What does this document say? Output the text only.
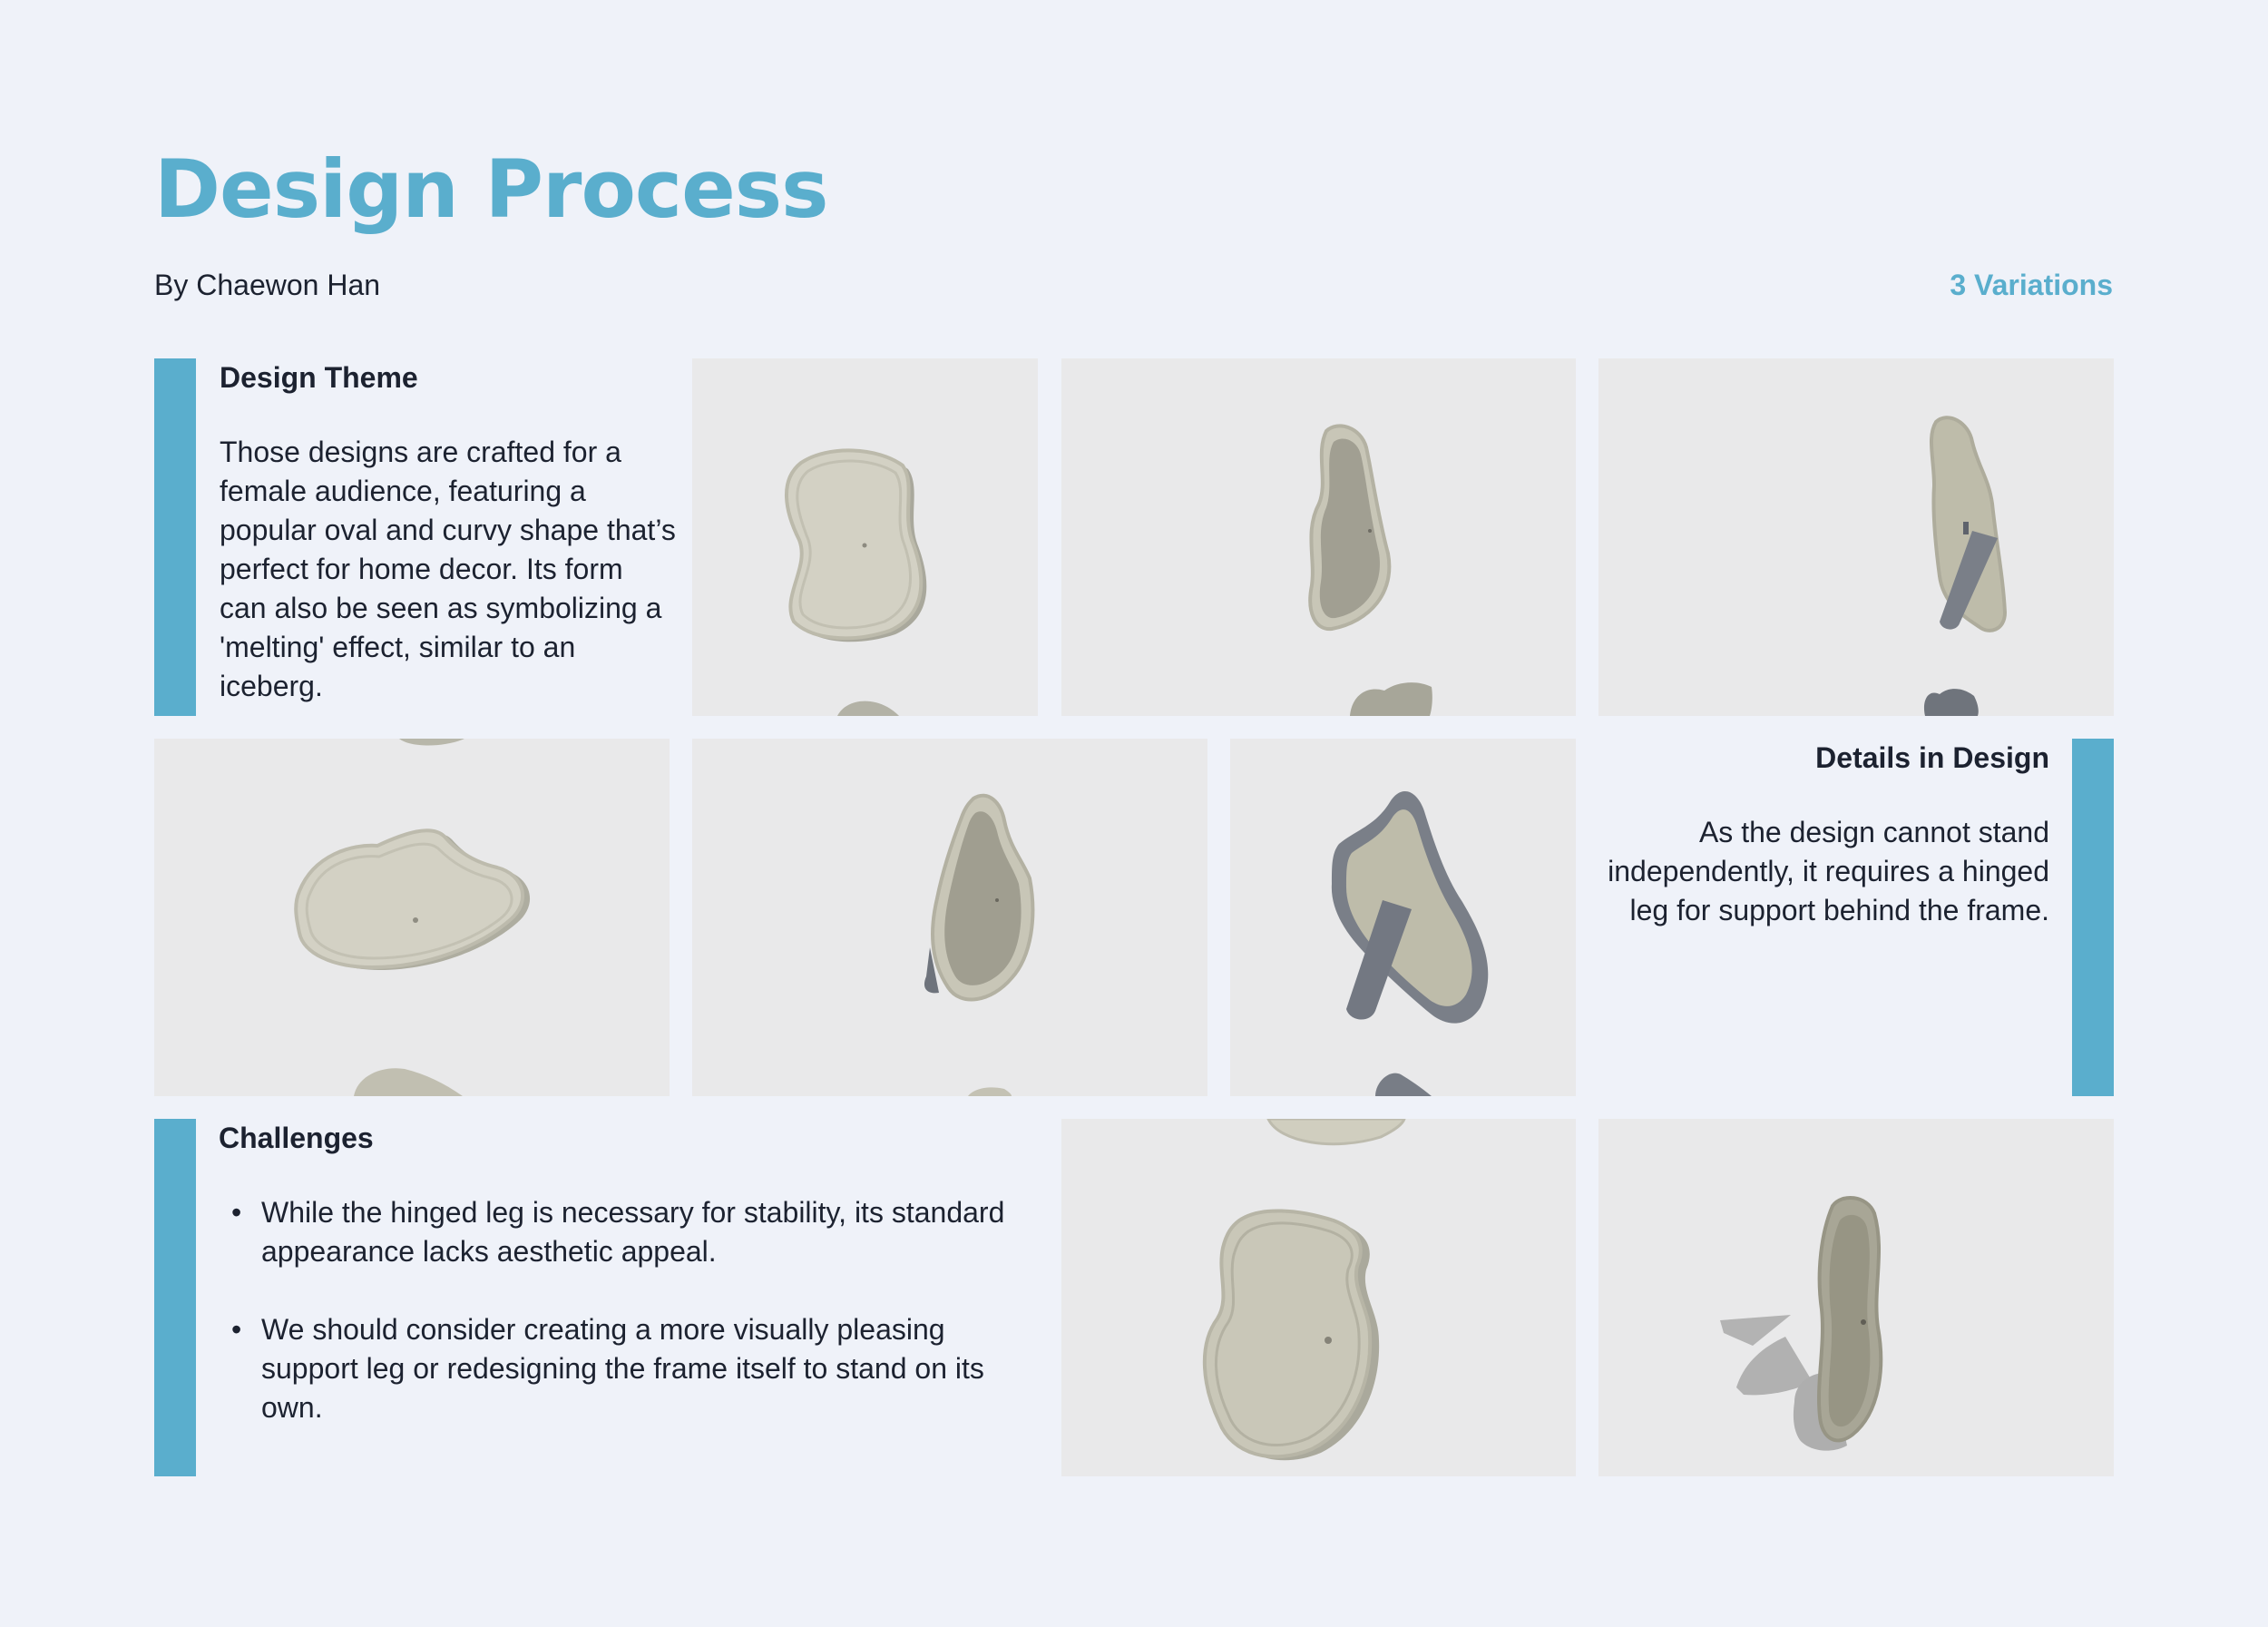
Design Process
By Chaewon Han	3 Variations
Design Theme

Those designs are crafted for a female audience, featuring a popular oval and curvy shape that’s perfect for home decor. Its form can also be seen as symbolizing a 'melting' effect, similar to an iceberg.

Details in Design

As the design cannot stand independently, it requires a hinged leg for support behind the frame.

Challenges
• While the hinged leg is necessary for stability, its standard appearance lacks aesthetic appeal.
• We should consider creating a more visually pleasing support leg or redesigning the frame itself to stand on its own.
